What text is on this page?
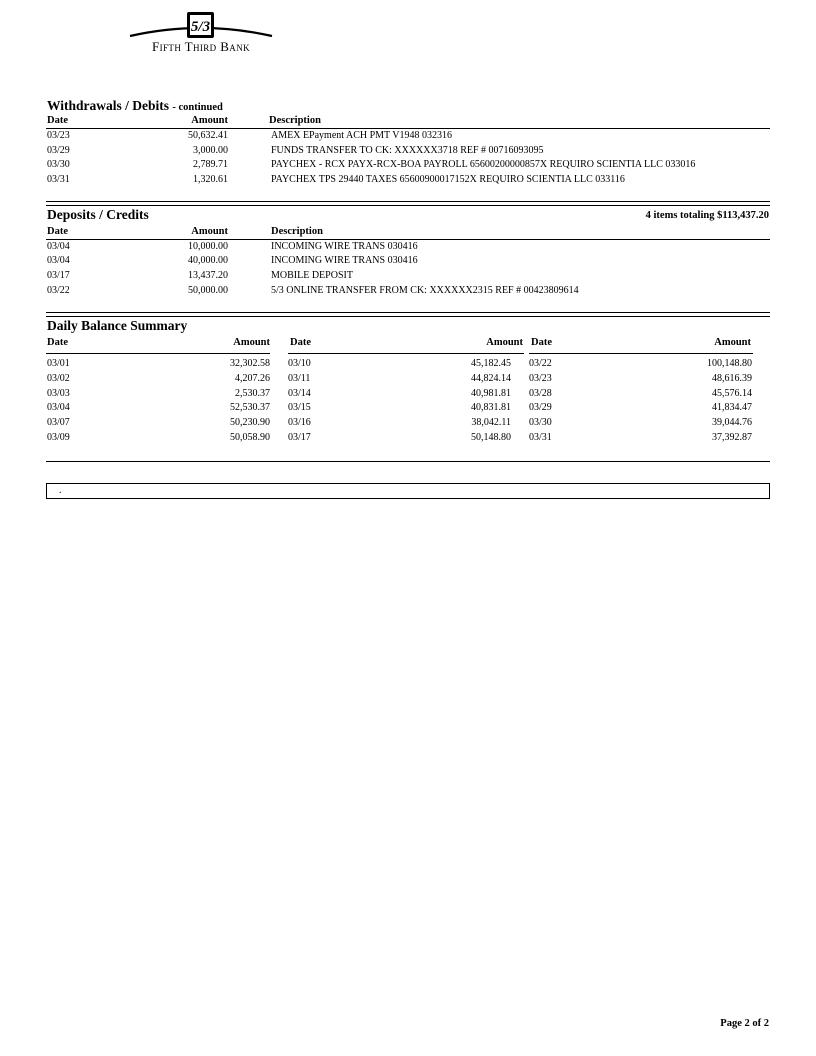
5/3
Fifth Third Bank
Withdrawals / Debits - continued
Date	Amount	Description
03/23	50,632.41	AMEX EPayment ACH PMT V1948 032316
03/29	3,000.00	FUNDS TRANSFER TO CK: XXXXXX3718 REF # 00716093095
03/30	2,789.71	PAYCHEX - RCX PAYX-RCX-BOA PAYROLL 65600200000857X REQUIRO SCIENTIA LLC 033016
03/31	1,320.61	PAYCHEX TPS 29440 TAXES 65600900017152X REQUIRO SCIENTIA LLC 033116
Deposits / Credits	4 items totaling $113,437.20
Date	Amount	Description
03/04	10,000.00	INCOMING WIRE TRANS 030416
03/04	40,000.00	INCOMING WIRE TRANS 030416
03/17	13,437.20	MOBILE DEPOSIT
03/22	50,000.00	5/3 ONLINE TRANSFER FROM CK: XXXXXX2315 REF # 00423809614
Daily Balance Summary
Date	Amount Date	Amount Date	Amount
03/01	32,302.58 03/10	45,182.45 03/22	100,148.80
03/02	4,207.26 03/11	44,824.14 03/23	48,616.39
03/03	2,530.37 03/14	40,981.81 03/28	45,576.14
03/04	52,530.37 03/15	40,831.81 03/29	41,834.47
03/07	50,230.90 03/16	38,042.11 03/30	39,044.76
03/09	50,058.90 03/17	50,148.80 03/31	37,392.87
.
Page 2 of 2
